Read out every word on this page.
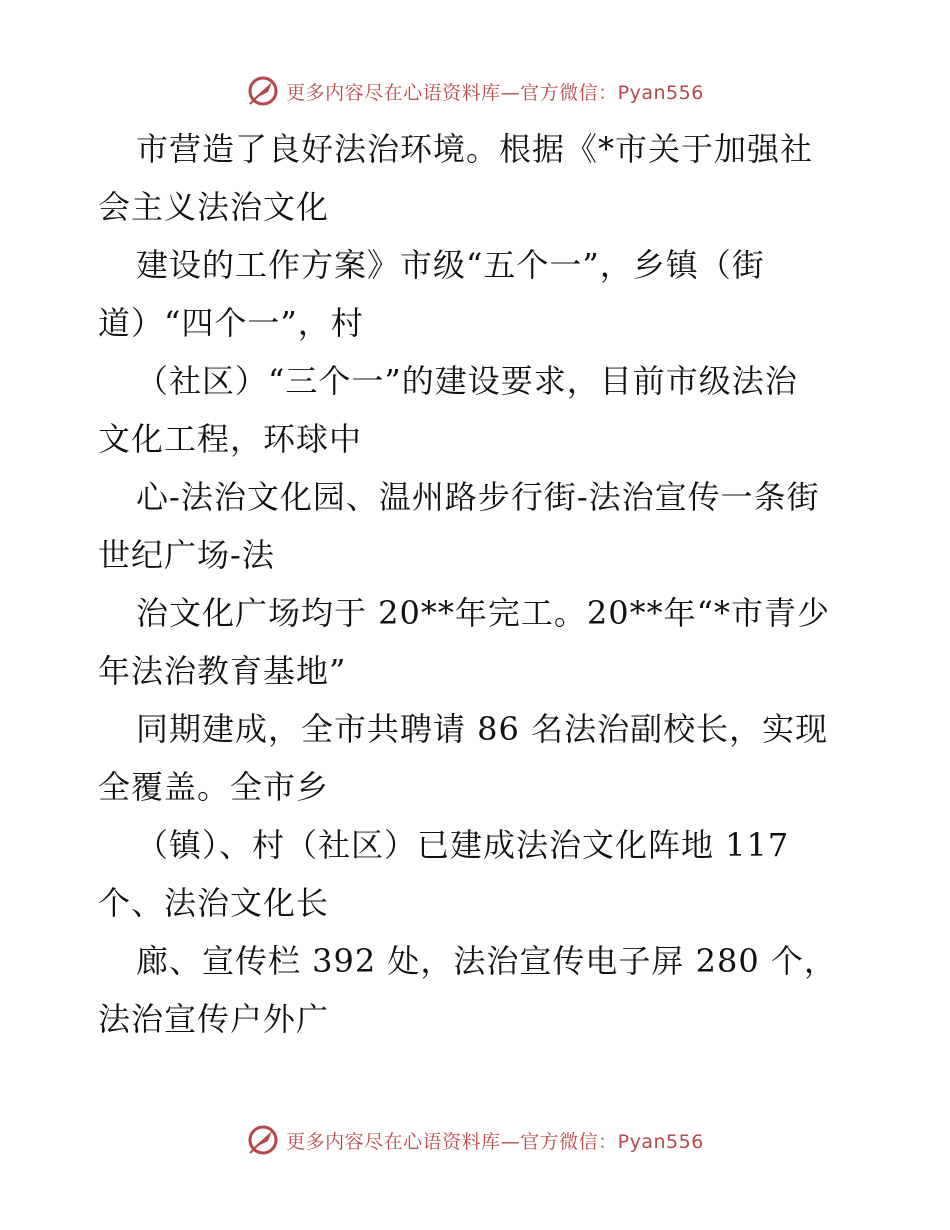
更多内容尽在心语资料库—官方微信：Pyan556
市营造了良好法治环境。根据《*市关于加强社
会主义法治文化
建设的工作方案》市级“五个一”，乡镇（街
道）“四个一”，村
（社区）“三个一”的建设要求，目前市级法治
文化工程，环球中
心-法治文化园、温州路步行街-法治宣传一条街
世纪广场-法
治文化广场均于 20**年完工。20**年“*市青少
年法治教育基地”
同期建成，全市共聘请 86 名法治副校长，实现
全覆盖。全市乡
（镇）、村（社区）已建成法治文化阵地 117
个、法治文化长
廊、宣传栏 392 处，法治宣传电子屏 280 个，
法治宣传户外广
更多内容尽在心语资料库—官方微信：Pyan556
